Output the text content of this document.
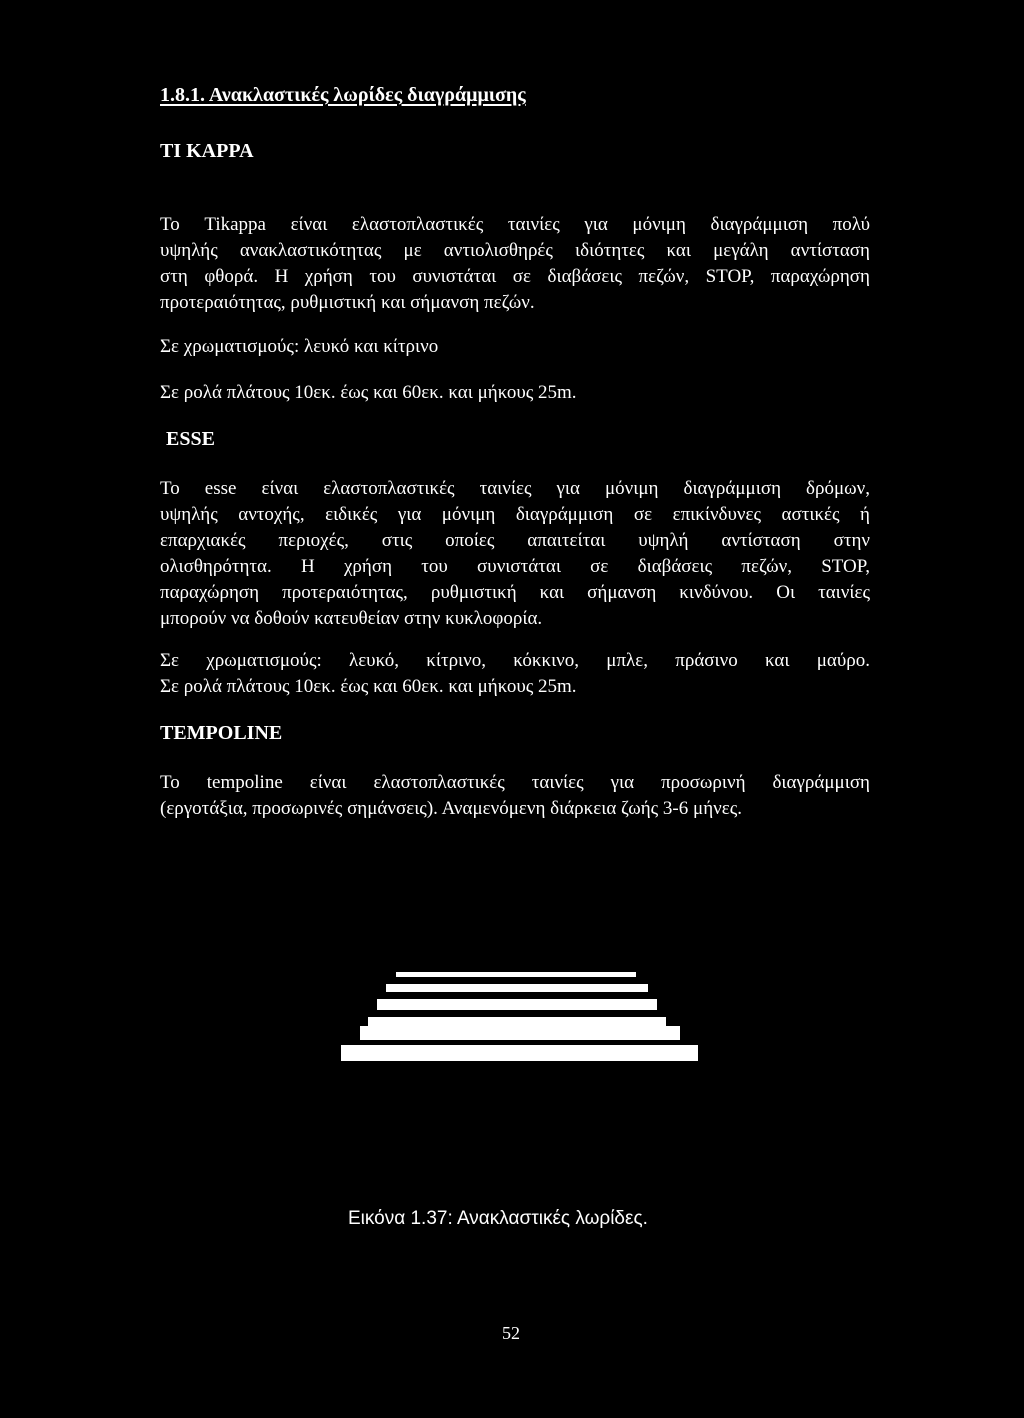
1.8.1. Ανακλαστικές λωρίδες διαγράμμισης
TI KAPPA
Το Tikappa είναι ελαστοπλαστικές ταινίες για μόνιμη διαγράμμιση πολύ
υψηλής ανακλαστικότητας με αντιολισθηρές ιδιότητες και μεγάλη αντίσταση
στη φθορά. Η χρήση του συνιστάται σε διαβάσεις πεζών, STOP, παραχώρηση
προτεραιότητας, ρυθμιστική και σήμανση πεζών.
Σε χρωματισμούς: λευκό και κίτρινο
Σε ρολά πλάτους 10εκ. έως και 60εκ. και μήκους 25m.
ESSE
Το esse είναι ελαστοπλαστικές ταινίες για μόνιμη διαγράμμιση δρόμων,
υψηλής αντοχής, ειδικές για μόνιμη διαγράμμιση σε επικίνδυνες αστικές ή
επαρχιακές περιοχές, στις οποίες απαιτείται υψηλή αντίσταση στην
ολισθηρότητα. Η χρήση του συνιστάται σε διαβάσεις πεζών, STOP,
παραχώρηση προτεραιότητας, ρυθμιστική και σήμανση κινδύνου. Οι ταινίες
μπορούν να δοθούν κατευθείαν στην κυκλοφορία.
Σε χρωματισμούς: λευκό, κίτρινο, κόκκινο, μπλε, πράσινο και μαύρο.
Σε ρολά πλάτους 10εκ. έως και 60εκ. και μήκους 25m.
TEMPOLINE
Το tempoline είναι ελαστοπλαστικές ταινίες για προσωρινή διαγράμμιση
(εργοτάξια, προσωρινές σημάνσεις). Αναμενόμενη διάρκεια ζωής 3-6 μήνες.
Εικόνα 1.37: Ανακλαστικές λωρίδες.
52
